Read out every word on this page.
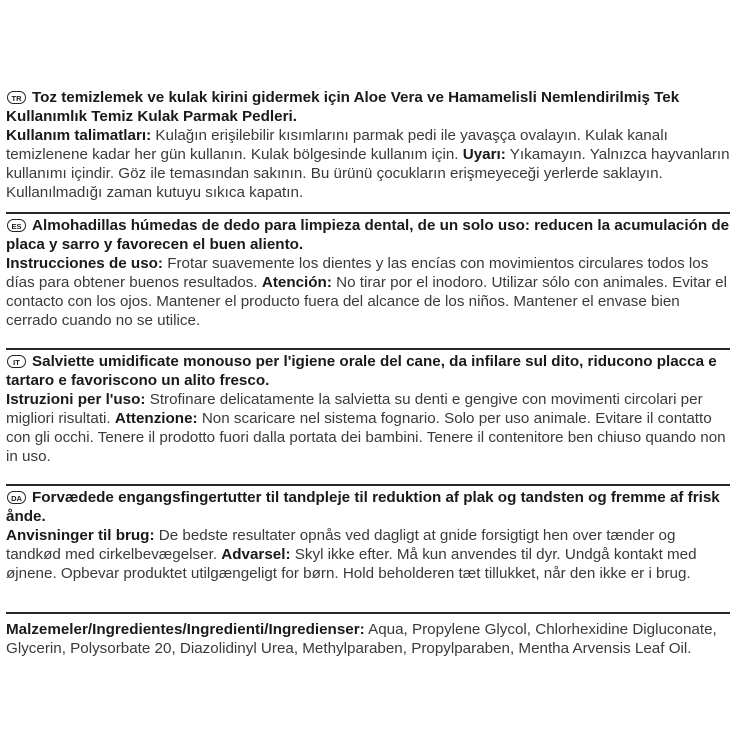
TR Toz temizlemek ve kulak kirini gidermek için Aloe Vera ve Hamamelisli Nemlendirilmiş Tek Kullanımlık Temiz Kulak Parmak Pedleri.
Kullanım talimatları: Kulağın erişilebilir kısımlarını parmak pedi ile yavaşça ovalayın. Kulak kanalı temizlenene kadar her gün kullanın. Kulak bölgesinde kullanım için. Uyarı: Yıkamayın. Yalnızca hayvanların kullanımı içindir. Göz ile temasından sakının. Bu ürünü çocukların erişmeyeceği yerlerde saklayın. Kullanılmadığı zaman kutuyu sıkıca kapatın.
ES Almohadillas húmedas de dedo para limpieza dental, de un solo uso: reducen la acumulación de placa y sarro y favorecen el buen aliento.
Instrucciones de uso: Frotar suavemente los dientes y las encías con movimientos circulares todos los días para obtener buenos resultados. Atención: No tirar por el inodoro. Utilizar sólo con animales. Evitar el contacto con los ojos. Mantener el producto fuera del alcance de los niños. Mantener el envase bien cerrado cuando no se utilice.
IT Salviette umidificate monouso per l'igiene orale del cane, da infilare sul dito, riducono placca e tartaro e favoriscono un alito fresco.
Istruzioni per l'uso: Strofinare delicatamente la salvietta su denti e gengive con movimenti circolari per migliori risultati. Attenzione: Non scaricare nel sistema fognario. Solo per uso animale. Evitare il contatto con gli occhi. Tenere il prodotto fuori dalla portata dei bambini. Tenere il contenitore ben chiuso quando non in uso.
DA Forvædede engangsfingertutter til tandpleje til reduktion af plak og tandsten og fremme af frisk ånde.
Anvisninger til brug: De bedste resultater opnås ved dagligt at gnide forsigtigt hen over tænder og tandkød med cirkelbevægelser. Advarsel: Skyl ikke efter. Må kun anvendes til dyr. Undgå kontakt med øjnene. Opbevar produktet utilgængeligt for børn. Hold beholderen tæt tillukket, når den ikke er i brug.
Malzemeler/Ingredientes/Ingredienti/Ingredienser: Aqua, Propylene Glycol, Chlorhexidine Digluconate, Glycerin, Polysorbate 20, Diazolidinyl Urea, Methylparaben, Propylparaben, Mentha Arvensis Leaf Oil.
